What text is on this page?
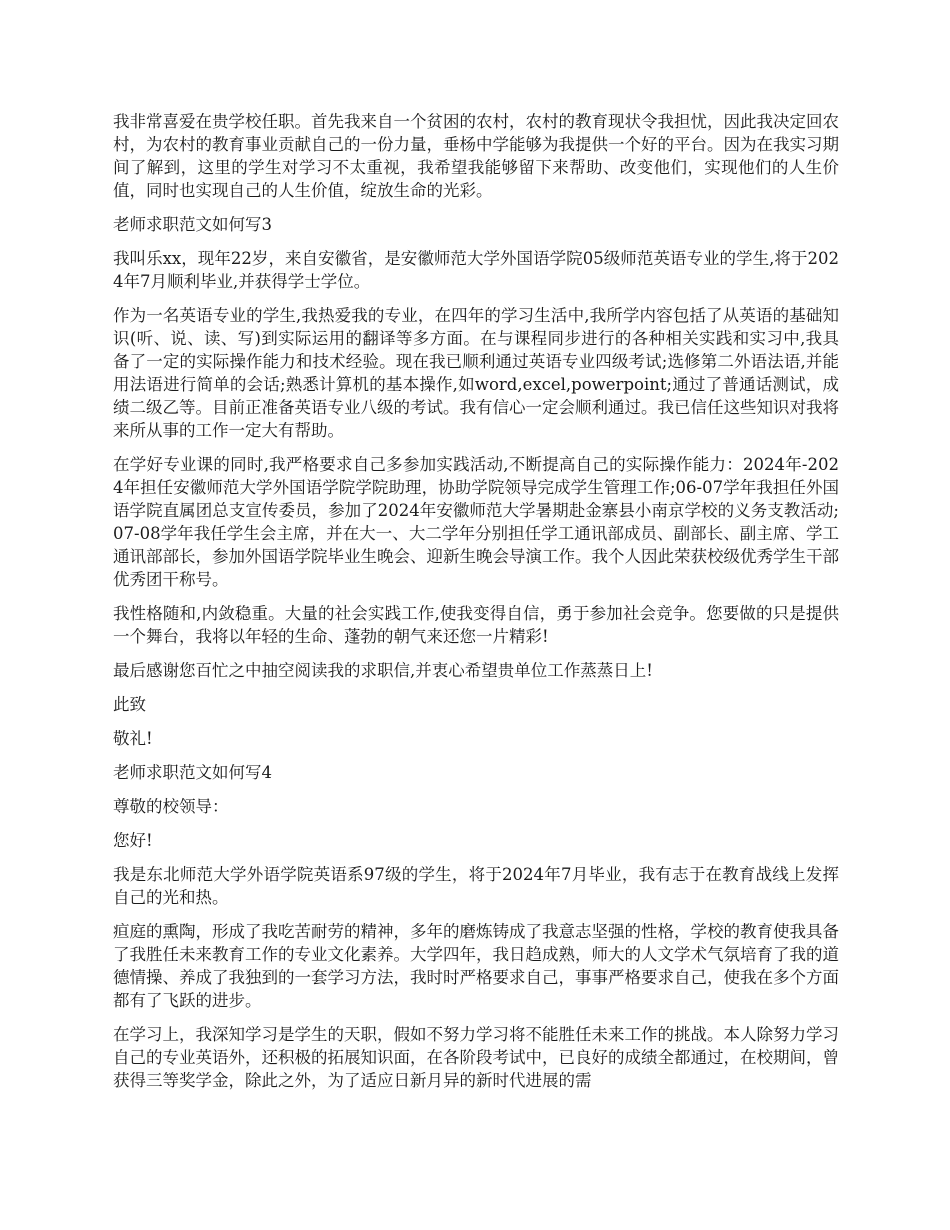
我非常喜爱在贵学校任职。首先我来自一个贫困的农村，农村的教育现状令我担忧，因此我决定回农村，为农村的教育事业贡献自己的一份力量，垂杨中学能够为我提供一个好的平台。因为在我实习期间了解到，这里的学生对学习不太重视，我希望我能够留下来帮助、改变他们，实现他们的人生价值，同时也实现自己的人生价值，绽放生命的光彩。

老师求职范文如何写3

我叫乐xx，现年22岁，来自安徽省，是安徽师范大学外国语学院05级师范英语专业的学生,将于2024年7月顺利毕业,并获得学士学位。

作为一名英语专业的学生,我热爱我的专业，在四年的学习生活中,我所学内容包括了从英语的基础知识(听、说、读、写)到实际运用的翻译等多方面。在与课程同步进行的各种相关实践和实习中,我具备了一定的实际操作能力和技术经验。现在我已顺利通过英语专业四级考试;选修第二外语法语,并能用法语进行简单的会话;熟悉计算机的基本操作,如word,excel,powerpoint;通过了普通话测试，成绩二级乙等。目前正准备英语专业八级的考试。我有信心一定会顺利通过。我已信任这些知识对我将来所从事的工作一定大有帮助。

在学好专业课的同时,我严格要求自己多参加实践活动,不断提高自己的实际操作能力：2024年-2024年担任安徽师范大学外国语学院学院助理，协助学院领导完成学生管理工作;06-07学年我担任外国语学院直属团总支宣传委员，参加了2024年安徽师范大学暑期赴金寨县小南京学校的义务支教活动;07-08学年我任学生会主席，并在大一、大二学年分别担任学工通讯部成员、副部长、副主席、学工通讯部部长，参加外国语学院毕业生晚会、迎新生晚会导演工作。我个人因此荣获校级优秀学生干部 优秀团干称号。

我性格随和,内敛稳重。大量的社会实践工作,使我变得自信，勇于参加社会竞争。您要做的只是提供一个舞台，我将以年轻的生命、蓬勃的朝气来还您一片精彩!

最后感谢您百忙之中抽空阅读我的求职信,并衷心希望贵单位工作蒸蒸日上!

此致

敬礼!

老师求职范文如何写4

尊敬的校领导：

您好!

我是东北师范大学外语学院英语系97级的学生，将于2024年7月毕业，我有志于在教育战线上发挥自己的光和热。

疸庭的熏陶，形成了我吃苦耐劳的精神，多年的磨炼铸成了我意志坚强的性格，学校的教育使我具备了我胜任未来教育工作的专业文化素养。大学四年，我日趋成熟，师大的人文学术气氛培育了我的道德情操、养成了我独到的一套学习方法，我时时严格要求自己，事事严格要求自己，使我在多个方面都有了飞跃的进步。

在学习上，我深知学习是学生的天职，假如不努力学习将不能胜任未来工作的挑战。本人除努力学习自己的专业英语外，还积极的拓展知识面，在各阶段考试中，已良好的成绩全都通过，在校期间，曾获得三等奖学金，除此之外，为了适应日新月异的新时代进展的需
